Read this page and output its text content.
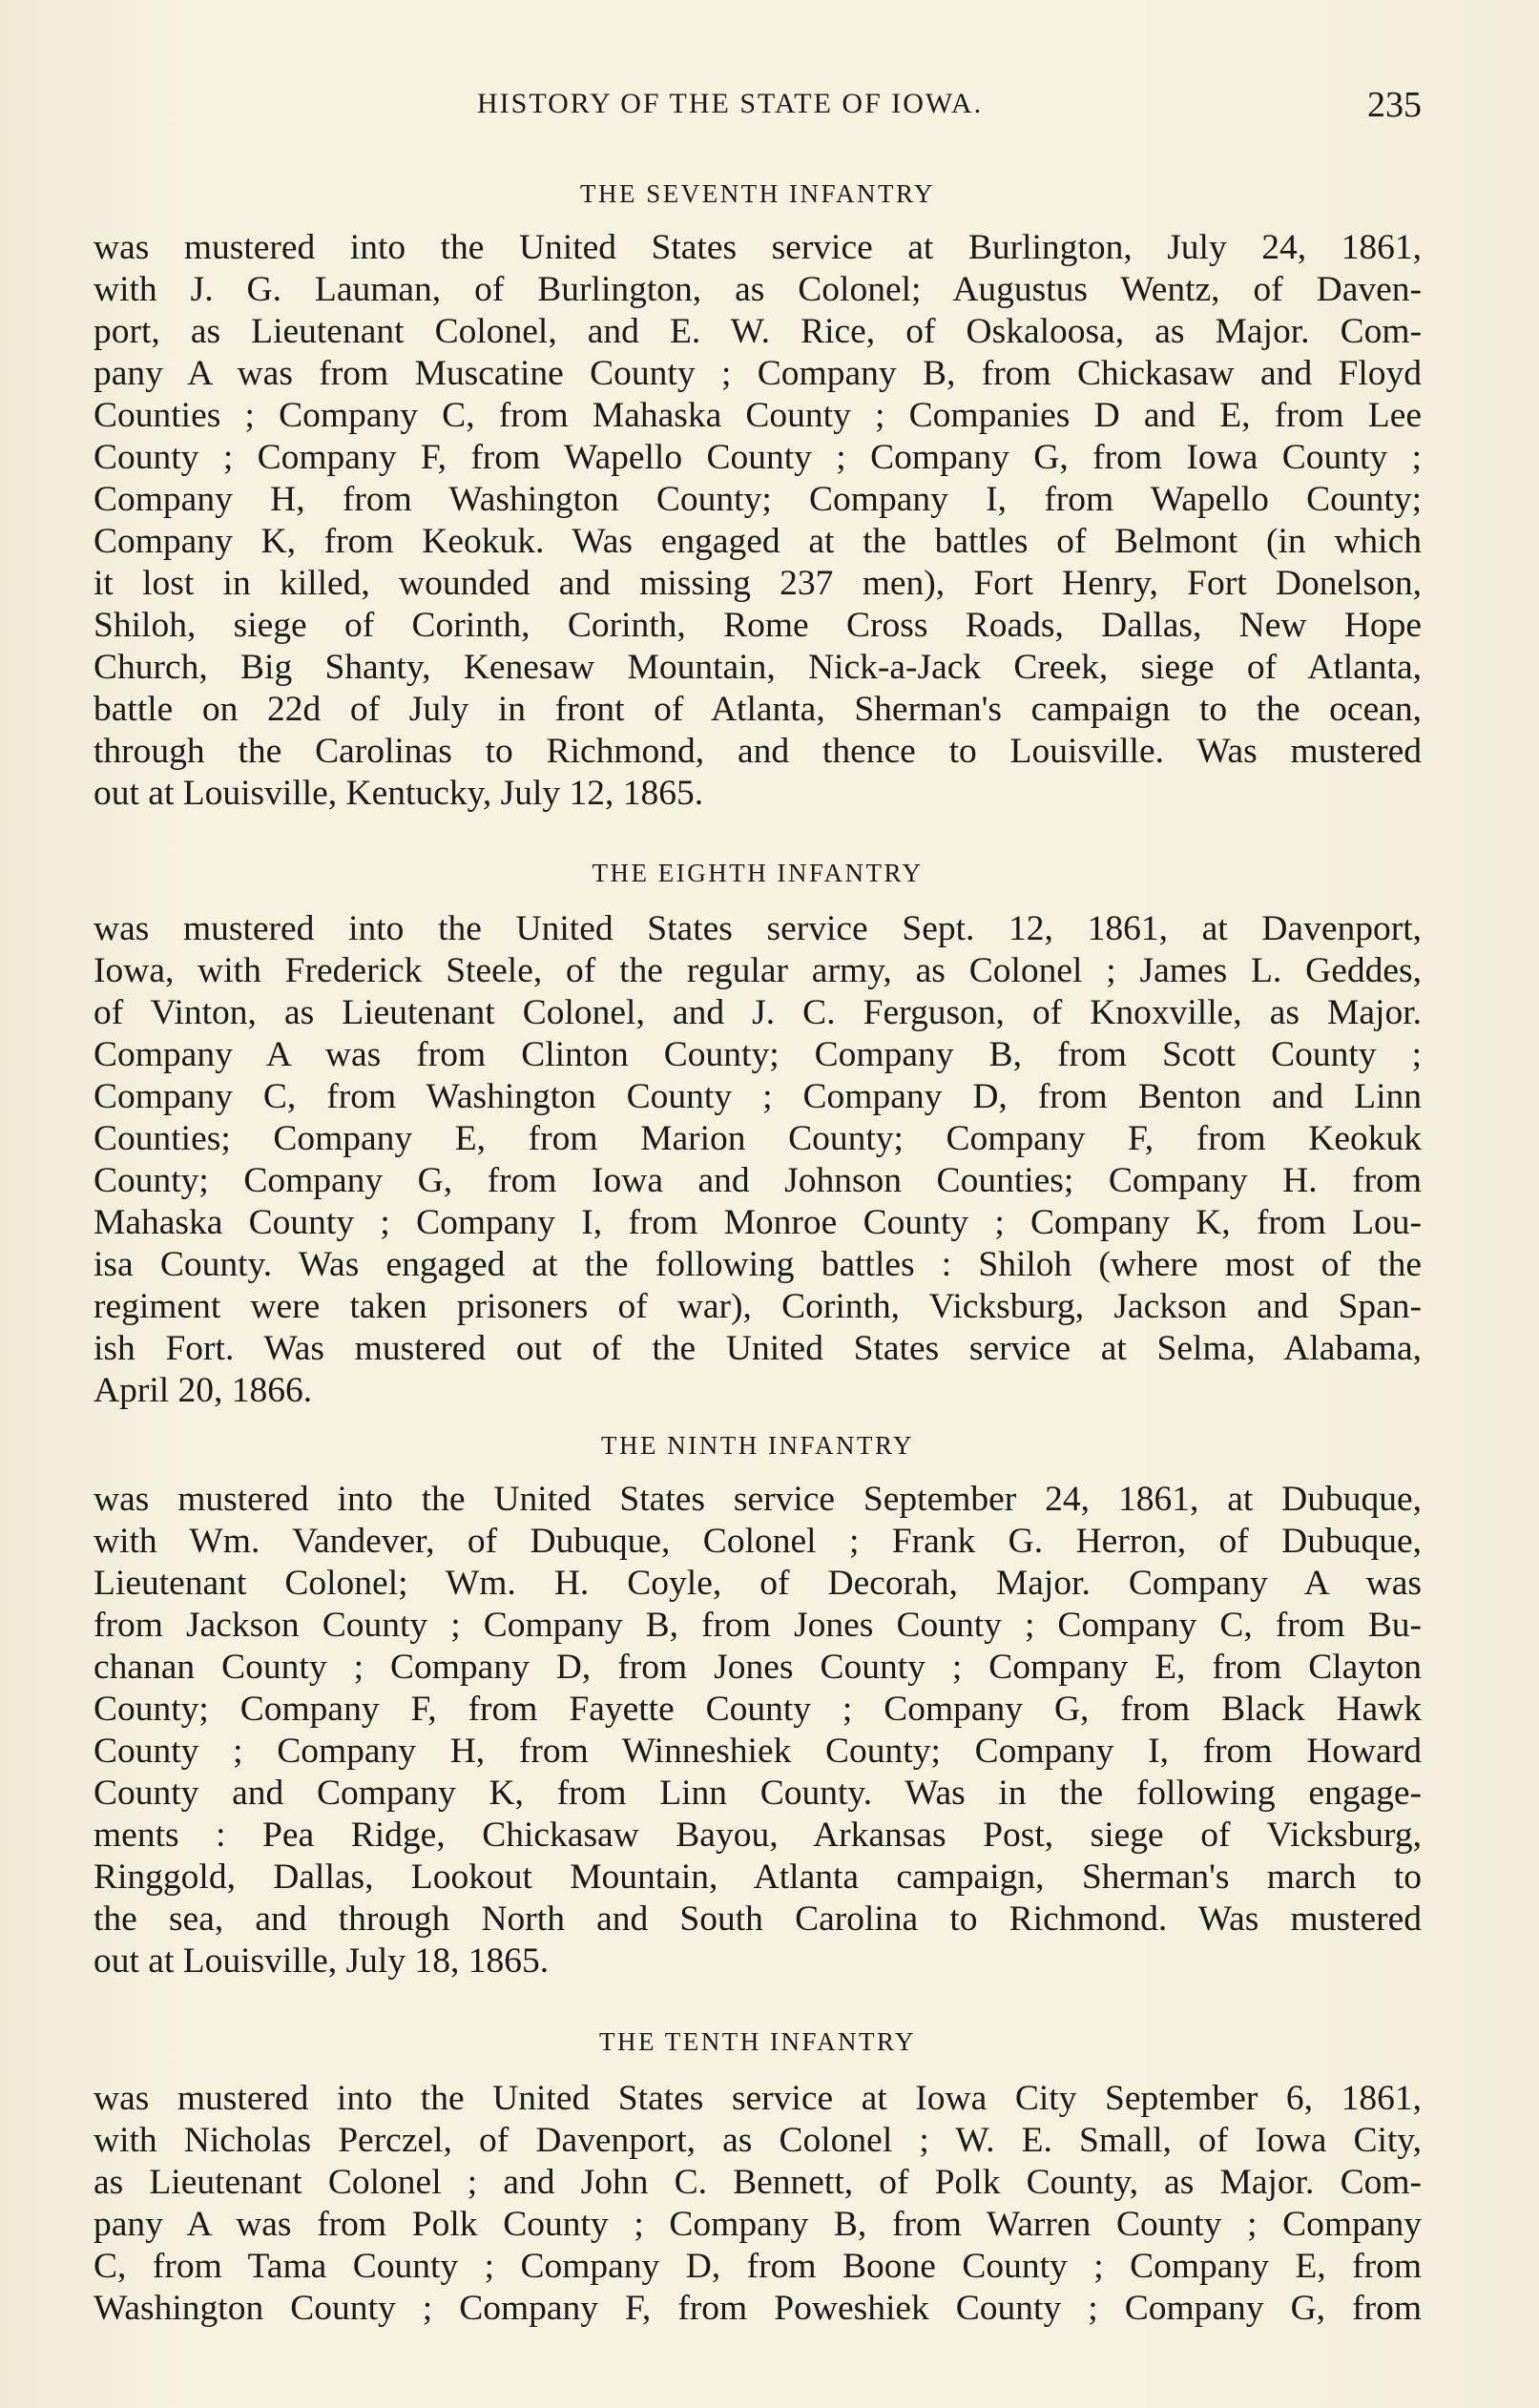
HISTORY OF THE STATE OF IOWA.	235
THE SEVENTH INFANTRY
was mustered into the United States service at Burlington, July 24, 1861,
with J. G. Lauman, of Burlington, as Colonel; Augustus Wentz, of Daven-
port, as Lieutenant Colonel, and E. W. Rice, of Oskaloosa, as Major. Com-
pany A was from Muscatine County ; Company B, from Chickasaw and Floyd
Counties ; Company C, from Mahaska County ; Companies D and E, from Lee
County ; Company F, from Wapello County ; Company G, from Iowa County ;
Company H, from Washington County; Company I, from Wapello County;
Company K, from Keokuk. Was engaged at the battles of Belmont (in which
it lost in killed, wounded and missing 237 men), Fort Henry, Fort Donelson,
Shiloh, siege of Corinth, Corinth, Rome Cross Roads, Dallas, New Hope
Church, Big Shanty, Kenesaw Mountain, Nick-a-Jack Creek, siege of Atlanta,
battle on 22d of July in front of Atlanta, Sherman's campaign to the ocean,
through the Carolinas to Richmond, and thence to Louisville. Was mustered
out at Louisville, Kentucky, July 12, 1865.
THE EIGHTH INFANTRY
was mustered into the United States service Sept. 12, 1861, at Davenport,
Iowa, with Frederick Steele, of the regular army, as Colonel ; James L. Geddes,
of Vinton, as Lieutenant Colonel, and J. C. Ferguson, of Knoxville, as Major.
Company A was from Clinton County; Company B, from Scott County ;
Company C, from Washington County ; Company D, from Benton and Linn
Counties; Company E, from Marion County; Company F, from Keokuk
County; Company G, from Iowa and Johnson Counties; Company H. from
Mahaska County ; Company I, from Monroe County ; Company K, from Lou-
isa County. Was engaged at the following battles : Shiloh (where most of the
regiment were taken prisoners of war), Corinth, Vicksburg, Jackson and Span-
ish Fort. Was mustered out of the United States service at Selma, Alabama,
April 20, 1866.
THE NINTH INFANTRY
was mustered into the United States service September 24, 1861, at Dubuque,
with Wm. Vandever, of Dubuque, Colonel ; Frank G. Herron, of Dubuque,
Lieutenant Colonel; Wm. H. Coyle, of Decorah, Major. Company A was
from Jackson County ; Company B, from Jones County ; Company C, from Bu-
chanan County ; Company D, from Jones County ; Company E, from Clayton
County; Company F, from Fayette County ; Company G, from Black Hawk
County ; Company H, from Winneshiek County; Company I, from Howard
County and Company K, from Linn County. Was in the following engage-
ments : Pea Ridge, Chickasaw Bayou, Arkansas Post, siege of Vicksburg,
Ringgold, Dallas, Lookout Mountain, Atlanta campaign, Sherman's march to
the sea, and through North and South Carolina to Richmond. Was mustered
out at Louisville, July 18, 1865.
THE TENTH INFANTRY
was mustered into the United States service at Iowa City September 6, 1861,
with Nicholas Perczel, of Davenport, as Colonel ; W. E. Small, of Iowa City,
as Lieutenant Colonel ; and John C. Bennett, of Polk County, as Major. Com-
pany A was from Polk County ; Company B, from Warren County ; Company
C, from Tama County ; Company D, from Boone County ; Company E, from
Washington County ; Company F, from Poweshiek County ; Company G, from
